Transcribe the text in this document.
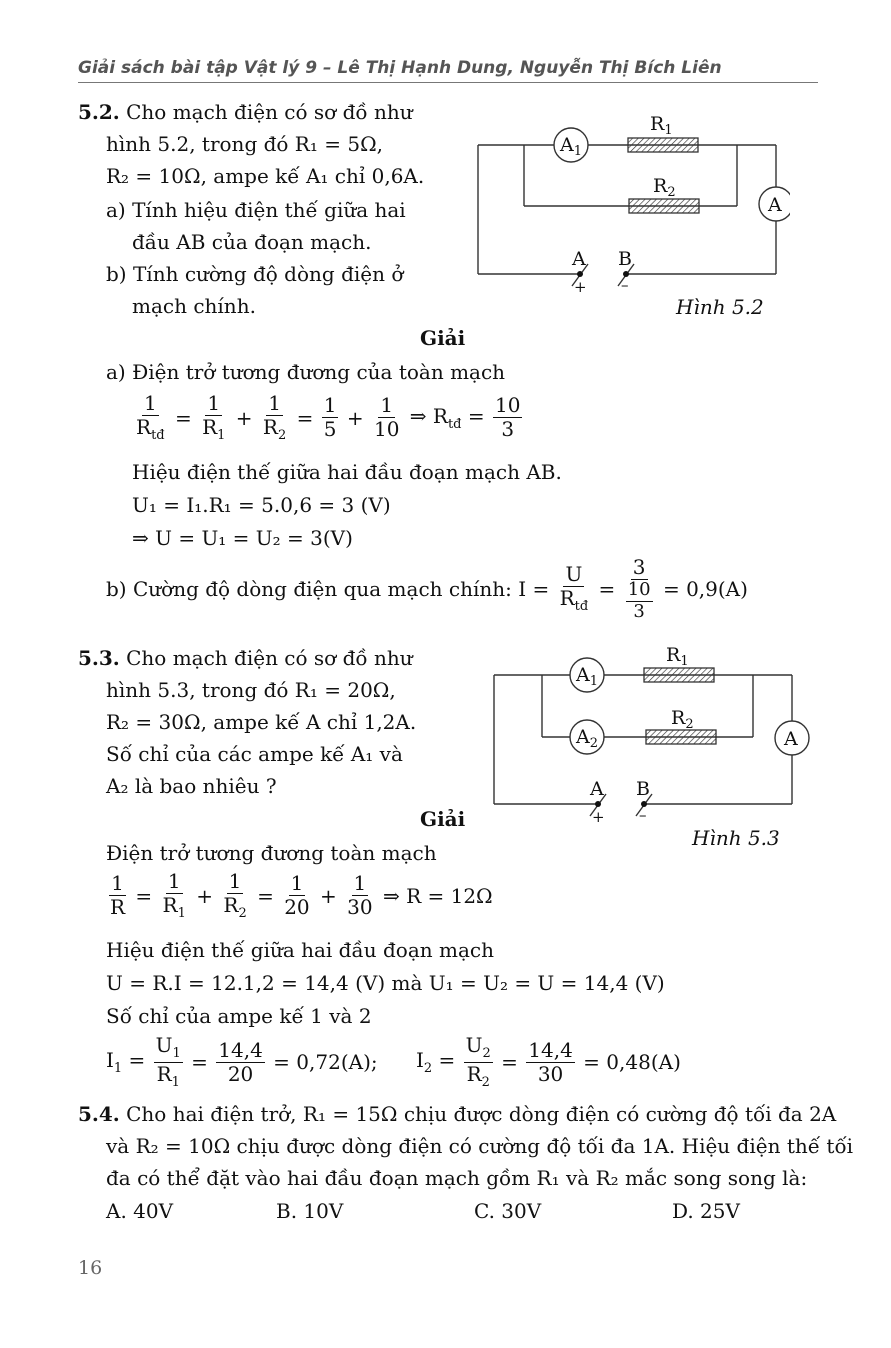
Giải sách bài tập Vật lý 9 – Lê Thị Hạnh Dung, Nguyễn Thị Bích Liên
5.2. Cho mạch điện có sơ đồ như
hình 5.2, trong đó R₁ = 5Ω,
R₂ = 10Ω, ampe kế A₁ chỉ 0,6A.
a) Tính hiệu điện thế giữa hai
đầu AB của đoạn mạch.
b) Tính cường độ dòng điện ở
mạch chính.
$A_1$
A
$R_1$
$R_2$
A B
+ –
Hình 5.2
Giải
a) Điện trở tương đương của toàn mạch
$\frac{1}{R_{tđ}} = \frac{1}{R_1} + \frac{1}{R_2} = \frac{1}{5} + \frac{1}{10}$ ⇒ $R_{tđ} = \frac{10}{3}$
Hiệu điện thế giữa hai đầu đoạn mạch AB.
U₁ = I₁.R₁ = 5.0,6 = 3 (V)
⇒ U = U₁ = U₂ = 3(V)
b) Cường độ dòng điện qua mạch chính: $I = \frac{U}{R_{tđ}} = \frac{3}{\frac{10}{3}} = 0,9(A)$
5.3. Cho mạch điện có sơ đồ như
hình 5.3, trong đó R₁ = 20Ω,
R₂ = 30Ω, ampe kế A chỉ 1,2A.
Số chỉ của các ampe kế A₁ và
A₂ là bao nhiêu ?
$A_1$
$A_2$	A
$R_1$
$R_2$
A B
+ –
Hình 5.3
Giải
Điện trở tương đương toàn mạch
$\frac{1}{R} = \frac{1}{R_1} + \frac{1}{R_2} = \frac{1}{20} + \frac{1}{30}$ ⇒ R = 12Ω
Hiệu điện thế giữa hai đầu đoạn mạch
U = R.I = 12.1,2 = 14,4 (V) mà U₁ = U₂ = U = 14,4 (V)
Số chỉ của ampe kế 1 và 2
$I_1 = \frac{U_1}{R_1} = \frac{14,4}{20} = 0,72(A)$; $I_2 = \frac{U_2}{R_2} = \frac{14,4}{30} = 0,48(A)$
5.4. Cho hai điện trở, R₁ = 15Ω chịu được dòng điện có cường độ tối đa 2A
và R₂ = 10Ω chịu được dòng điện có cường độ tối đa 1A. Hiệu điện thế tối
đa có thể đặt vào hai đầu đoạn mạch gồm R₁ và R₂ mắc song song là:
A. 40V	B. 10V	C. 30V	D. 25V
16
